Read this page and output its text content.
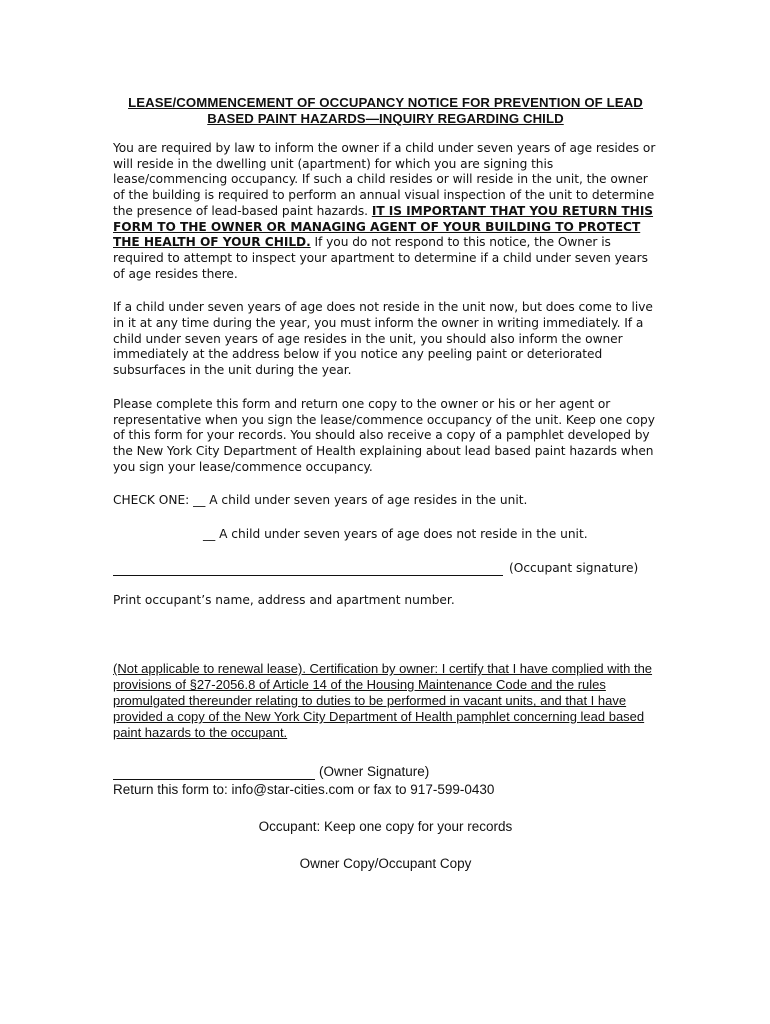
LEASE/COMMENCEMENT OF OCCUPANCY NOTICE FOR PREVENTION OF LEAD
BASED PAINT HAZARDS—INQUIRY REGARDING CHILD

You are required by law to inform the owner if a child under seven years of age resides or will reside in the dwelling unit (apartment) for which you are signing this lease/commencing occupancy. If such a child resides or will reside in the unit, the owner of the building is required to perform an annual visual inspection of the unit to determine the presence of lead-based paint hazards. IT IS IMPORTANT THAT YOU RETURN THIS FORM TO THE OWNER OR MANAGING AGENT OF YOUR BUILDING TO PROTECT THE HEALTH OF YOUR CHILD. If you do not respond to this notice, the Owner is required to attempt to inspect your apartment to determine if a child under seven years of age resides there.

If a child under seven years of age does not reside in the unit now, but does come to live in it at any time during the year, you must inform the owner in writing immediately. If a child under seven years of age resides in the unit, you should also inform the owner immediately at the address below if you notice any peeling paint or deteriorated subsurfaces in the unit during the year.

Please complete this form and return one copy to the owner or his or her agent or representative when you sign the lease/commence occupancy of the unit. Keep one copy of this form for your records. You should also receive a copy of a pamphlet developed by the New York City Department of Health explaining about lead based paint hazards when you sign your lease/commence occupancy.

CHECK ONE: __ A child under seven years of age resides in the unit.
__ A child under seven years of age does not reside in the unit.
(Occupant signature)
Print occupant’s name, address and apartment number.
(Not applicable to renewal lease). Certification by owner: I certify that I have complied with the provisions of §27-2056.8 of Article 14 of the Housing Maintenance Code and the rules promulgated thereunder relating to duties to be performed in vacant units, and that I have provided a copy of the New York City Department of Health pamphlet concerning lead based paint hazards to the occupant.
(Owner Signature)
Return this form to: info@star-cities.com or fax to 917-599-0430
Occupant: Keep one copy for your records
Owner Copy/Occupant Copy
